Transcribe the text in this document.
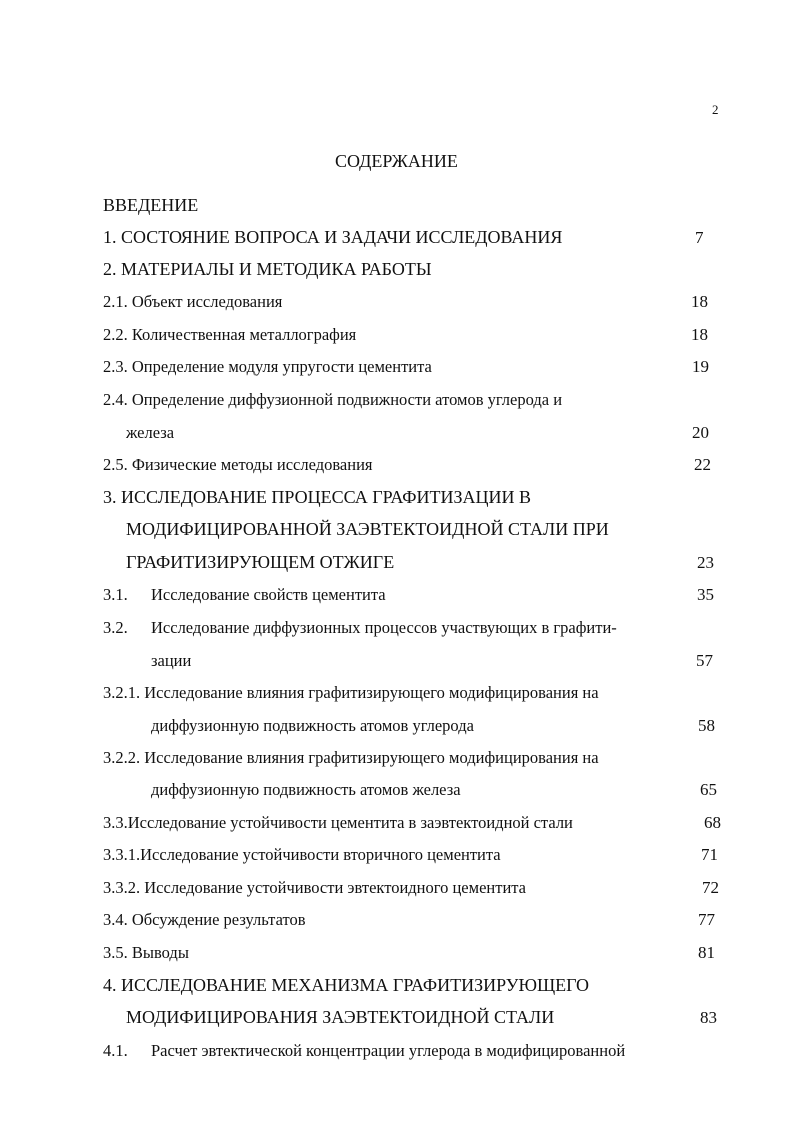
2
СОДЕРЖАНИЕ
ВВЕДЕНИЕ
1. СОСТОЯНИЕ ВОПРОСА И ЗАДАЧИ ИССЛЕДОВАНИЯ	7
2. МАТЕРИАЛЫ И МЕТОДИКА РАБОТЫ
2.1. Объект исследования	18
2.2. Количественная металлография	18
2.3. Определение модуля упругости цементита	19
2.4. Определение диффузионной подвижности атомов углерода и
железа	20
2.5. Физические методы исследования	22
3. ИССЛЕДОВАНИЕ ПРОЦЕССА ГРАФИТИЗАЦИИ В
МОДИФИЦИРОВАННОЙ ЗАЭВТЕКТОИДНОЙ СТАЛИ ПРИ
ГРАФИТИЗИРУЮЩЕМ ОТЖИГЕ	23
3.1. Исследование свойств цементита	35
3.2. Исследование диффузионных процессов участвующих в графити-
зации	57
3.2.1. Исследование влияния графитизирующего модифицирования на
диффузионную подвижность атомов углерода	58
3.2.2. Исследование влияния графитизирующего модифицирования на
диффузионную подвижность атомов железа	65
3.3.Исследование устойчивости цементита в заэвтектоидной стали	68
3.3.1.Исследование устойчивости вторичного цементита	71
3.3.2. Исследование устойчивости эвтектоидного цементита	72
3.4. Обсуждение результатов	77
3.5. Выводы	81
4. ИССЛЕДОВАНИЕ МЕХАНИЗМА ГРАФИТИЗИРУЮЩЕГО
МОДИФИЦИРОВАНИЯ ЗАЭВТЕКТОИДНОЙ СТАЛИ	83
4.1. Расчет эвтектической концентрации углерода в модифицированной
